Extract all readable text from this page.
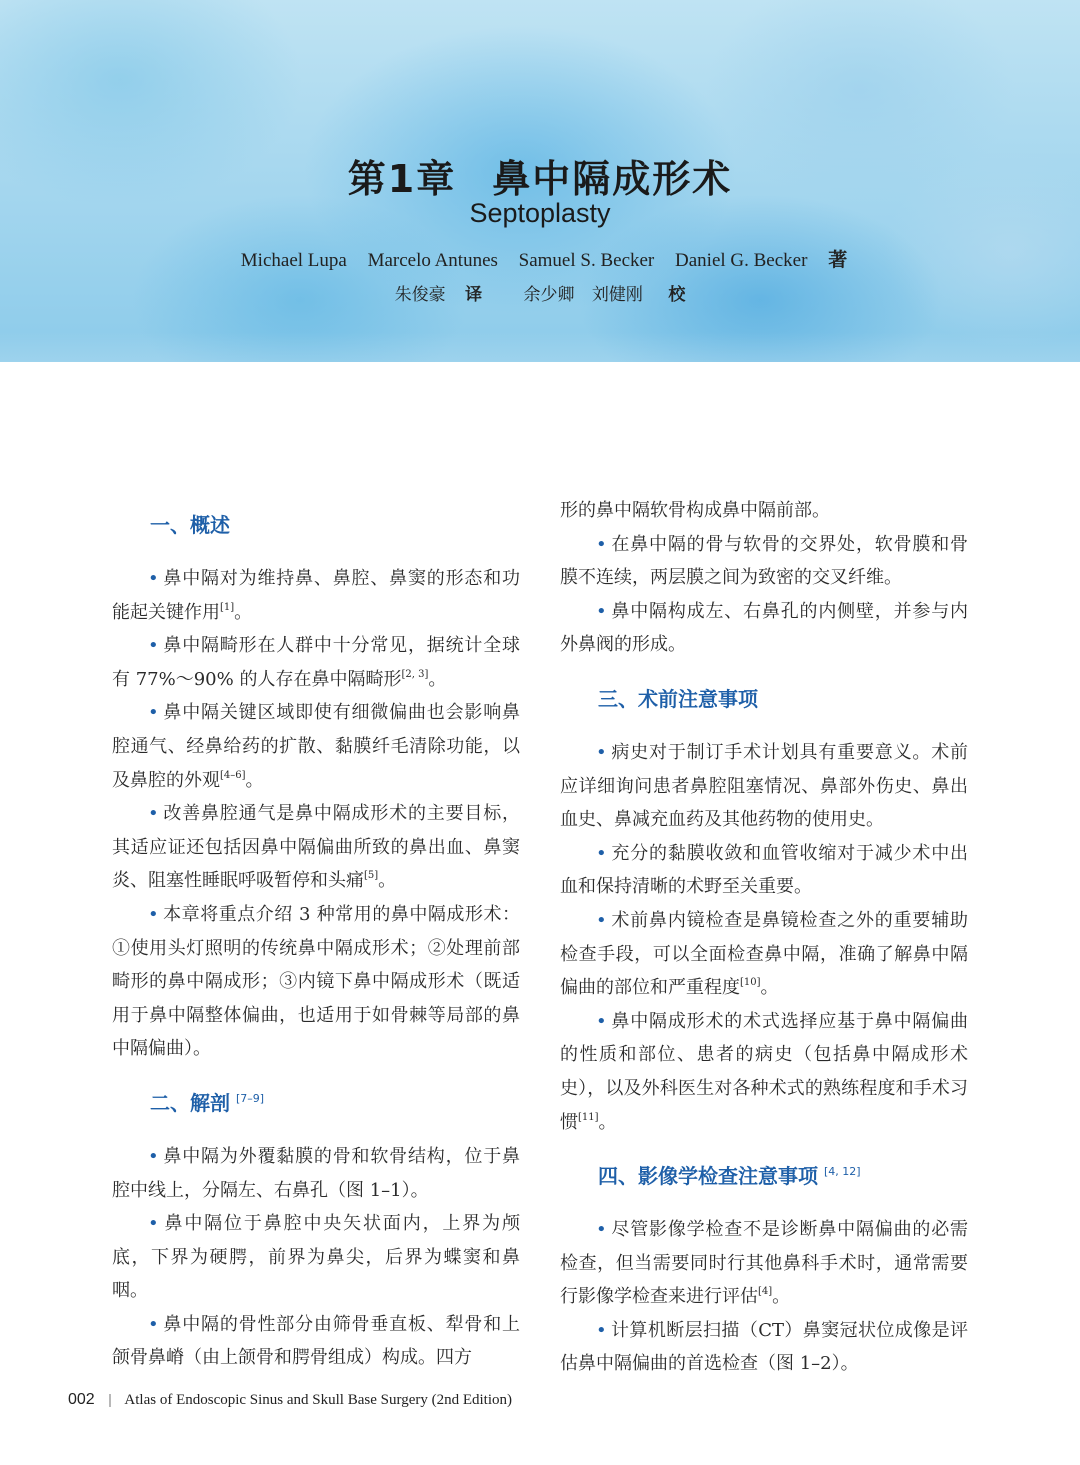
第1章 鼻中隔成形术
Septoplasty
Michael Lupa Marcelo Antunes Samuel S. Becker Daniel G. Becker 著
朱俊豪 译 余少卿 刘健刚 校
一、概述

• 鼻中隔对为维持鼻、鼻腔、鼻窦的形态和功能起关键作用[1]。

• 鼻中隔畸形在人群中十分常见，据统计全球有 77%～90% 的人存在鼻中隔畸形[2, 3]。

• 鼻中隔关键区域即使有细微偏曲也会影响鼻腔通气、经鼻给药的扩散、黏膜纤毛清除功能，以及鼻腔的外观[4–6]。

• 改善鼻腔通气是鼻中隔成形术的主要目标，其适应证还包括因鼻中隔偏曲所致的鼻出血、鼻窦炎、阻塞性睡眠呼吸暂停和头痛[5]。

• 本章将重点介绍 3 种常用的鼻中隔成形术：①使用头灯照明的传统鼻中隔成形术；②处理前部畸形的鼻中隔成形；③内镜下鼻中隔成形术（既适用于鼻中隔整体偏曲，也适用于如骨棘等局部的鼻中隔偏曲）。

二、解剖 [7–9]

• 鼻中隔为外覆黏膜的骨和软骨结构，位于鼻腔中线上，分隔左、右鼻孔（图 1–1）。

• 鼻中隔位于鼻腔中央矢状面内，上界为颅底，下界为硬腭，前界为鼻尖，后界为蝶窦和鼻咽。

• 鼻中隔的骨性部分由筛骨垂直板、犁骨和上颌骨鼻嵴（由上颌骨和腭骨组成）构成。四方

形的鼻中隔软骨构成鼻中隔前部。

• 在鼻中隔的骨与软骨的交界处，软骨膜和骨膜不连续，两层膜之间为致密的交叉纤维。

• 鼻中隔构成左、右鼻孔的内侧壁，并参与内外鼻阀的形成。

三、术前注意事项

• 病史对于制订手术计划具有重要意义。术前应详细询问患者鼻腔阻塞情况、鼻部外伤史、鼻出血史、鼻减充血药及其他药物的使用史。

• 充分的黏膜收敛和血管收缩对于减少术中出血和保持清晰的术野至关重要。

• 术前鼻内镜检查是鼻镜检查之外的重要辅助检查手段，可以全面检查鼻中隔，准确了解鼻中隔偏曲的部位和严重程度[10]。

• 鼻中隔成形术的术式选择应基于鼻中隔偏曲的性质和部位、患者的病史（包括鼻中隔成形术史），以及外科医生对各种术式的熟练程度和手术习惯[11]。

四、影像学检查注意事项 [4, 12]

• 尽管影像学检查不是诊断鼻中隔偏曲的必需检查，但当需要同时行其他鼻科手术时，通常需要行影像学检查来进行评估[4]。

• 计算机断层扫描（CT）鼻窦冠状位成像是评估鼻中隔偏曲的首选检查（图 1–2）。

002 | Atlas of Endoscopic Sinus and Skull Base Surgery (2nd Edition)
